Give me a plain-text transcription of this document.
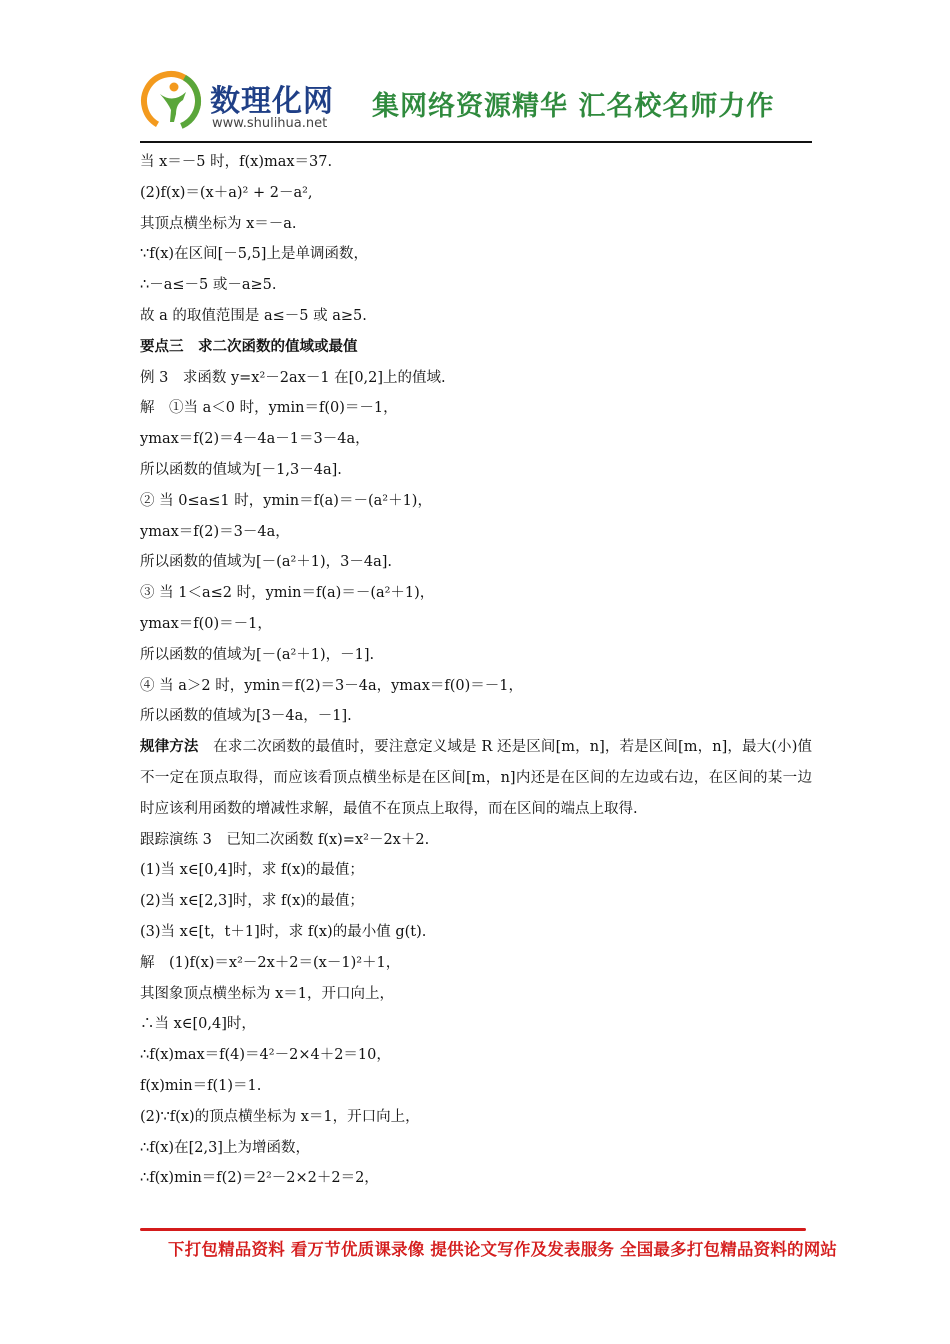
数理化网
www.shulihua.net
集网络资源精华 汇名校名师力作
当 x＝－5 时，f(x)max＝37.
(2)f(x)＝(x＋a)² + 2－a²,
其顶点横坐标为 x＝－a.
∵f(x)在区间[－5,5]上是单调函数，
∴－a≤－5 或－a≥5.
故 a 的取值范围是 a≤－5 或 a≥5.
要点三　求二次函数的值域或最值
例 3　求函数 y=x²－2ax－1 在[0,2]上的值域.
解　①当 a＜0 时，ymin＝f(0)＝－1，
ymax＝f(2)＝4－4a－1＝3－4a，
所以函数的值域为[－1,3－4a].
② 当 0≤a≤1 时，ymin＝f(a)＝－(a²＋1)，
ymax＝f(2)＝3－4a，
所以函数的值域为[－(a²＋1)，3－4a].
③ 当 1＜a≤2 时，ymin＝f(a)＝－(a²＋1)，
ymax＝f(0)＝－1，
所以函数的值域为[－(a²＋1)，－1].
④ 当 a＞2 时，ymin＝f(2)＝3－4a，ymax＝f(0)＝－1，
所以函数的值域为[3－4a，－1].
规律方法　在求二次函数的最值时，要注意定义域是 R 还是区间[m，n]，若是区间[m，n]，最大(小)值不一定在顶点取得，而应该看顶点横坐标是在区间[m，n]内还是在区间的左边或右边，在区间的某一边时应该利用函数的增减性求解，最值不在顶点上取得，而在区间的端点上取得.
跟踪演练 3　已知二次函数 f(x)=x²－2x＋2.
(1)当 x∈[0,4]时，求 f(x)的最值；
(2)当 x∈[2,3]时，求 f(x)的最值；
(3)当 x∈[t，t＋1]时，求 f(x)的最小值 g(t).
解　(1)f(x)＝x²－2x＋2＝(x－1)²＋1，
其图象顶点横坐标为 x＝1，开口向上，
∴当 x∈[0,4]时，
∴f(x)max＝f(4)＝4²－2×4＋2＝10，
f(x)min＝f(1)＝1.
(2)∵f(x)的顶点横坐标为 x＝1，开口向上，
∴f(x)在[2,3]上为增函数，
∴f(x)min＝f(2)＝2²－2×2＋2＝2，
下打包精品资料 看万节优质课录像 提供论文写作及发表服务 全国最多打包精品资料的网站
